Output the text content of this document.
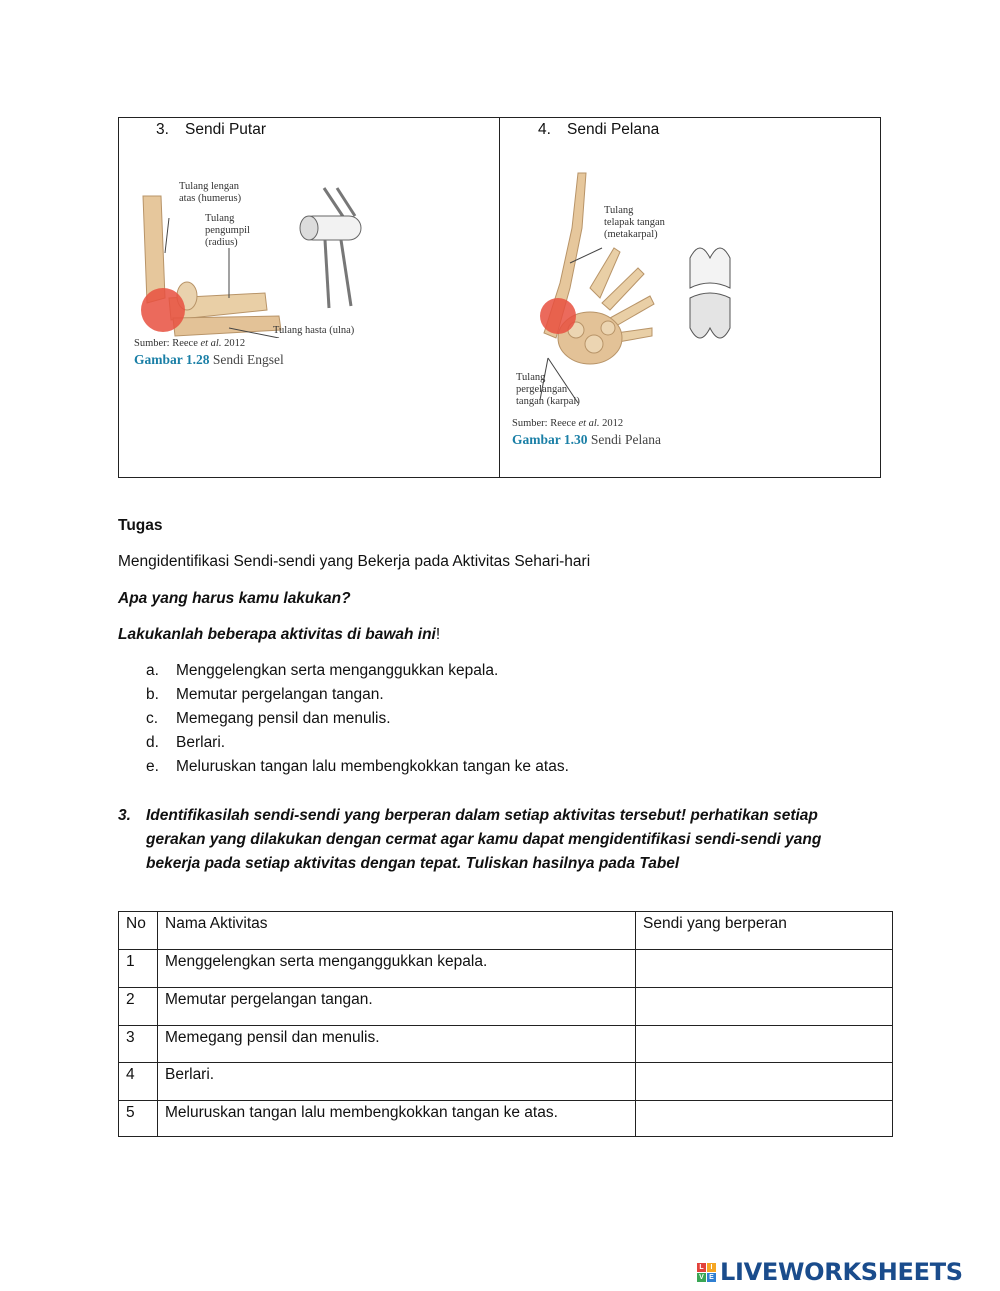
3. Sendi Putar
Tulang lengan
atas (humerus)
Tulang
pengumpil
(radius)
Tulang hasta (ulna)
Sumber: Reece et al. 2012
Gambar 1.28 Sendi Engsel
4. Sendi Pelana
Tulang
telapak tangan
(metakarpal)
Tulang
pergelangan
tangan (karpal)
Sumber: Reece et al. 2012
Gambar 1.30 Sendi Pelana
Tugas
Mengidentifikasi Sendi-sendi yang Bekerja pada Aktivitas Sehari-hari
Apa yang harus kamu lakukan?
Lakukanlah beberapa aktivitas di bawah ini!
a.	Menggelengkan serta menganggukkan kepala.
b.	Memutar pergelangan tangan.
c.	Memegang pensil dan menulis.
d.	Berlari.
e.	Meluruskan tangan lalu membengkokkan tangan ke atas.
3. Identifikasilah sendi-sendi yang berperan dalam setiap aktivitas tersebut! perhatikan setiap gerakan yang dilakukan dengan cermat agar kamu dapat mengidentifikasi sendi-sendi yang bekerja pada setiap aktivitas dengan tepat. Tuliskan hasilnya pada Tabel
No	Nama Aktivitas	Sendi yang berperan
1	Menggelengkan serta menganggukkan kepala.	
2	Memutar pergelangan tangan.	
3	Memegang pensil dan menulis.	
4	Berlari.	
5	Meluruskan tangan lalu membengkokkan tangan ke atas.	
L I
V E LIVEWORKSHEETS
